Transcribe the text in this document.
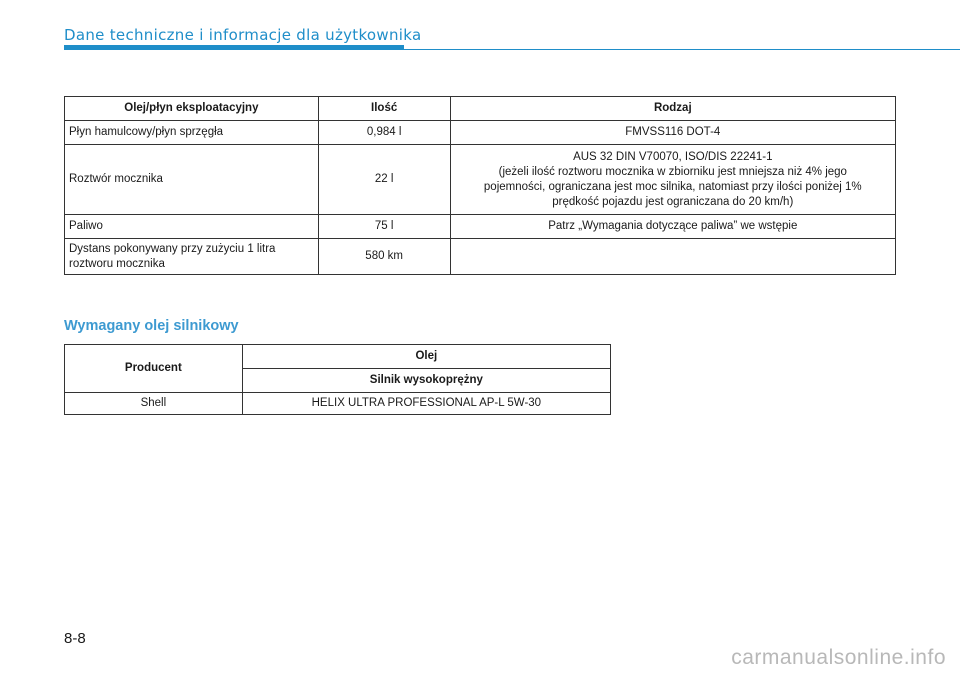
Dane techniczne i informacje dla użytkownika
Olej/płyn eksploatacyjny	Ilość	Rodzaj
Płyn hamulcowy/płyn sprzęgła	0,984 l	FMVSS116 DOT-4
Roztwór mocznika	22 l	AUS 32 DIN V70070, ISO/DIS 22241-1
(jeżeli ilość roztworu mocznika w zbiorniku jest mniejsza niż 4% jego
pojemności, ograniczana jest moc silnika, natomiast przy ilości poniżej 1%
prędkość pojazdu jest ograniczana do 20 km/h)

Paliwo	75 l	Patrz „Wymagania dotyczące paliwa” we wstępie

Dystans pokonywany przy zużyciu 1 litra
roztworu mocznika	580 km	
Wymagany olej silnikowy
Producent	Olej
	Silnik wysokoprężny
Shell	HELIX ULTRA PROFESSIONAL AP-L 5W-30
8-8
carmanualsonline.info
